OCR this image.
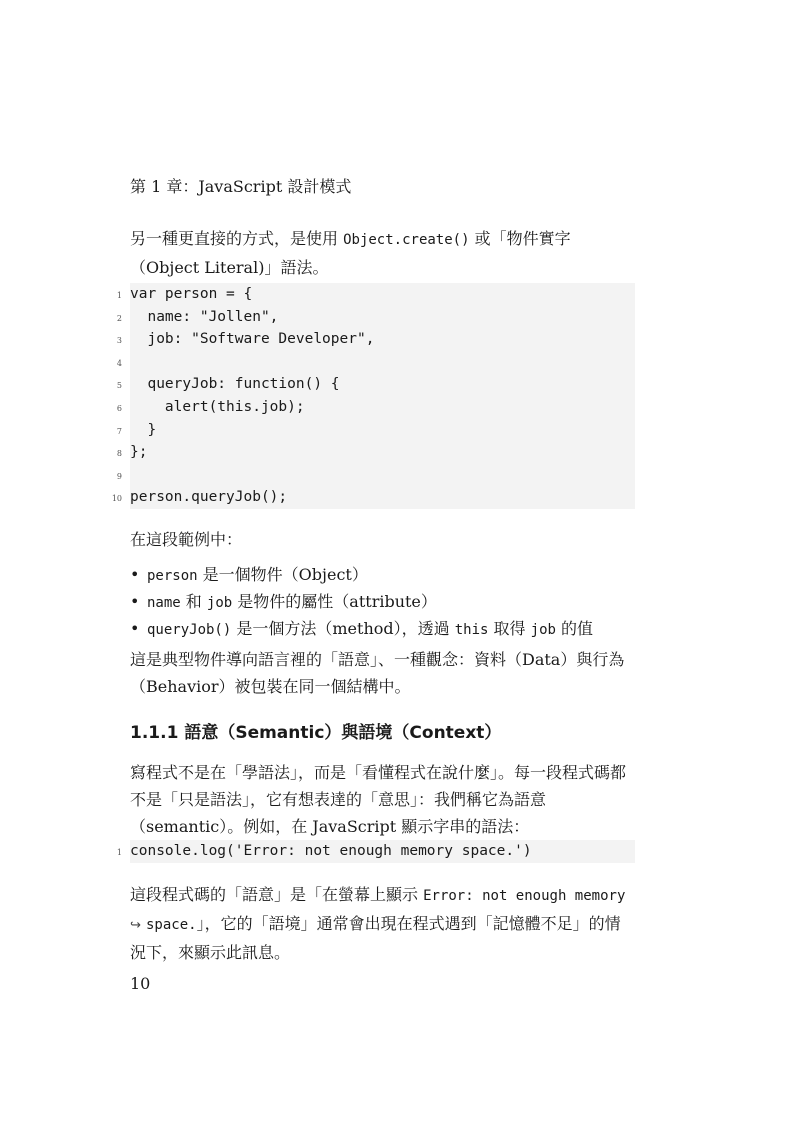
第 1 章：JavaScript 設計模式

另一種更直接的方式，是使用 Object.create() 或「物件實字（Object Literal)」語法。

1 var person = {
2 name: "Jollen",
3 job: "Software Developer",
4
5 queryJob: function() {
6 alert(this.job);
7 }
8 };
9
10 person.queryJob();

在這段範例中：

• person 是一個物件（Object）
• name 和 job 是物件的屬性（attribute）
• queryJob() 是一個方法（method），透過 this 取得 job 的值

這是典型物件導向語言裡的「語意」、一種觀念：資料（Data）與行為（Behavior）被包裝在同一個結構中。

1.1.1 語意（Semantic）與語境（Context）

寫程式不是在「學語法」，而是「看懂程式在說什麼」。每一段程式碼都不是「只是語法」，它有想表達的「意思」：我們稱它為語意（semantic）。例如，在 JavaScript 顯示字串的語法：

1 console.log('Error: not enough memory space.')

這段程式碼的「語意」是「在螢幕上顯示 Error: not enough memory
↪ space.」，它的「語境」通常會出現在程式遇到「記憶體不足」的情況下，來顯示此訊息。

10
